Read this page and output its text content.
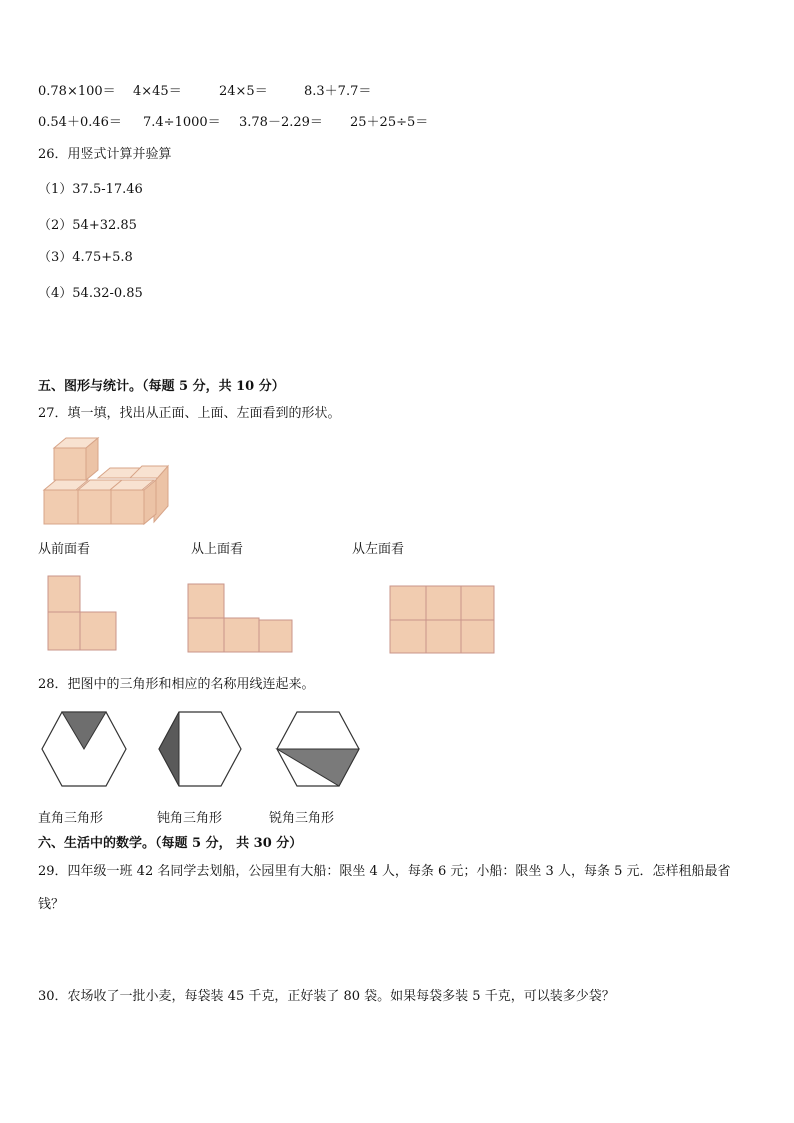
0.78×100＝ 4×45＝	24×5＝	8.3＋7.7＝
0.54＋0.46＝ 7.4÷1000＝ 3.78－2.29＝ 25＋25÷5＝
26．用竖式计算并验算
（1）37.5-17.46
（2）54+32.85
（3）4.75+5.8
（4）54.32-0.85
五、图形与统计。（每题 5 分，共 10 分）
27．填一填，找出从正面、上面、左面看到的形状。
从前面看	从上面看	从左面看
28．把图中的三角形和相应的名称用线连起来。
直角三角形	钝角三角形	锐角三角形
六、生活中的数学。（每题 5 分， 共 30 分）
29．四年级一班 42 名同学去划船，公园里有大船：限坐 4 人，每条 6 元；小船：限坐 3 人，每条 5 元．怎样租船最省
钱？
30．农场收了一批小麦，每袋装 45 千克，正好装了 80 袋。如果每袋多装 5 千克，可以装多少袋？
